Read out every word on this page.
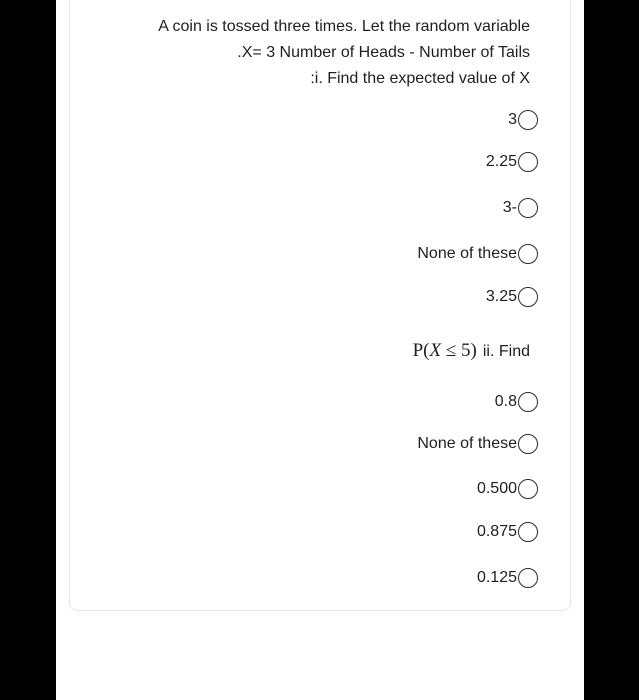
A coin is tossed three times. Let the random variable
.X= 3 Number of Heads - Number of Tails
:i. Find the expected value of X
3
2.25
3-
None of these
3.25
P(X ≤ 5) ii. Find
0.8
None of these
0.500
0.875
0.125
